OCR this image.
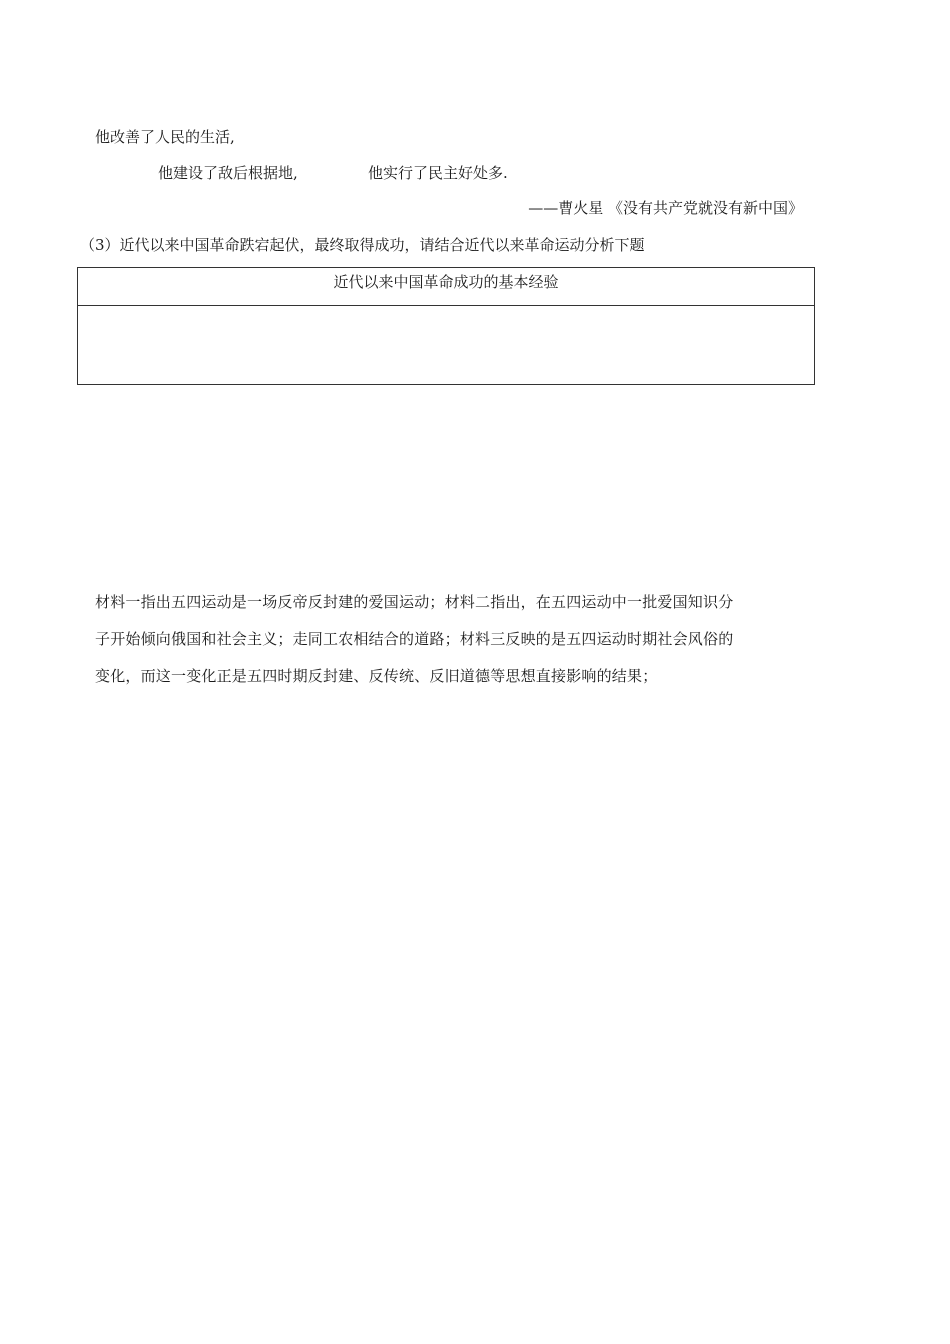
他改善了人民的生活,
他建设了敌后根据地,	他实行了民主好处多.
——曹火星 《没有共产党就没有新中国》
（3）近代以来中国革命跌宕起伏，最终取得成功，请结合近代以来革命运动分析下题
近代以来中国革命成功的基本经验

材料一指出五四运动是一场反帝反封建的爱国运动；材料二指出，在五四运动中一批爱国知识分

子开始倾向俄国和社会主义；走同工农相结合的道路；材料三反映的是五四运动时期社会风俗的

变化，而这一变化正是五四时期反封建、反传统、反旧道德等思想直接影响的结果；
